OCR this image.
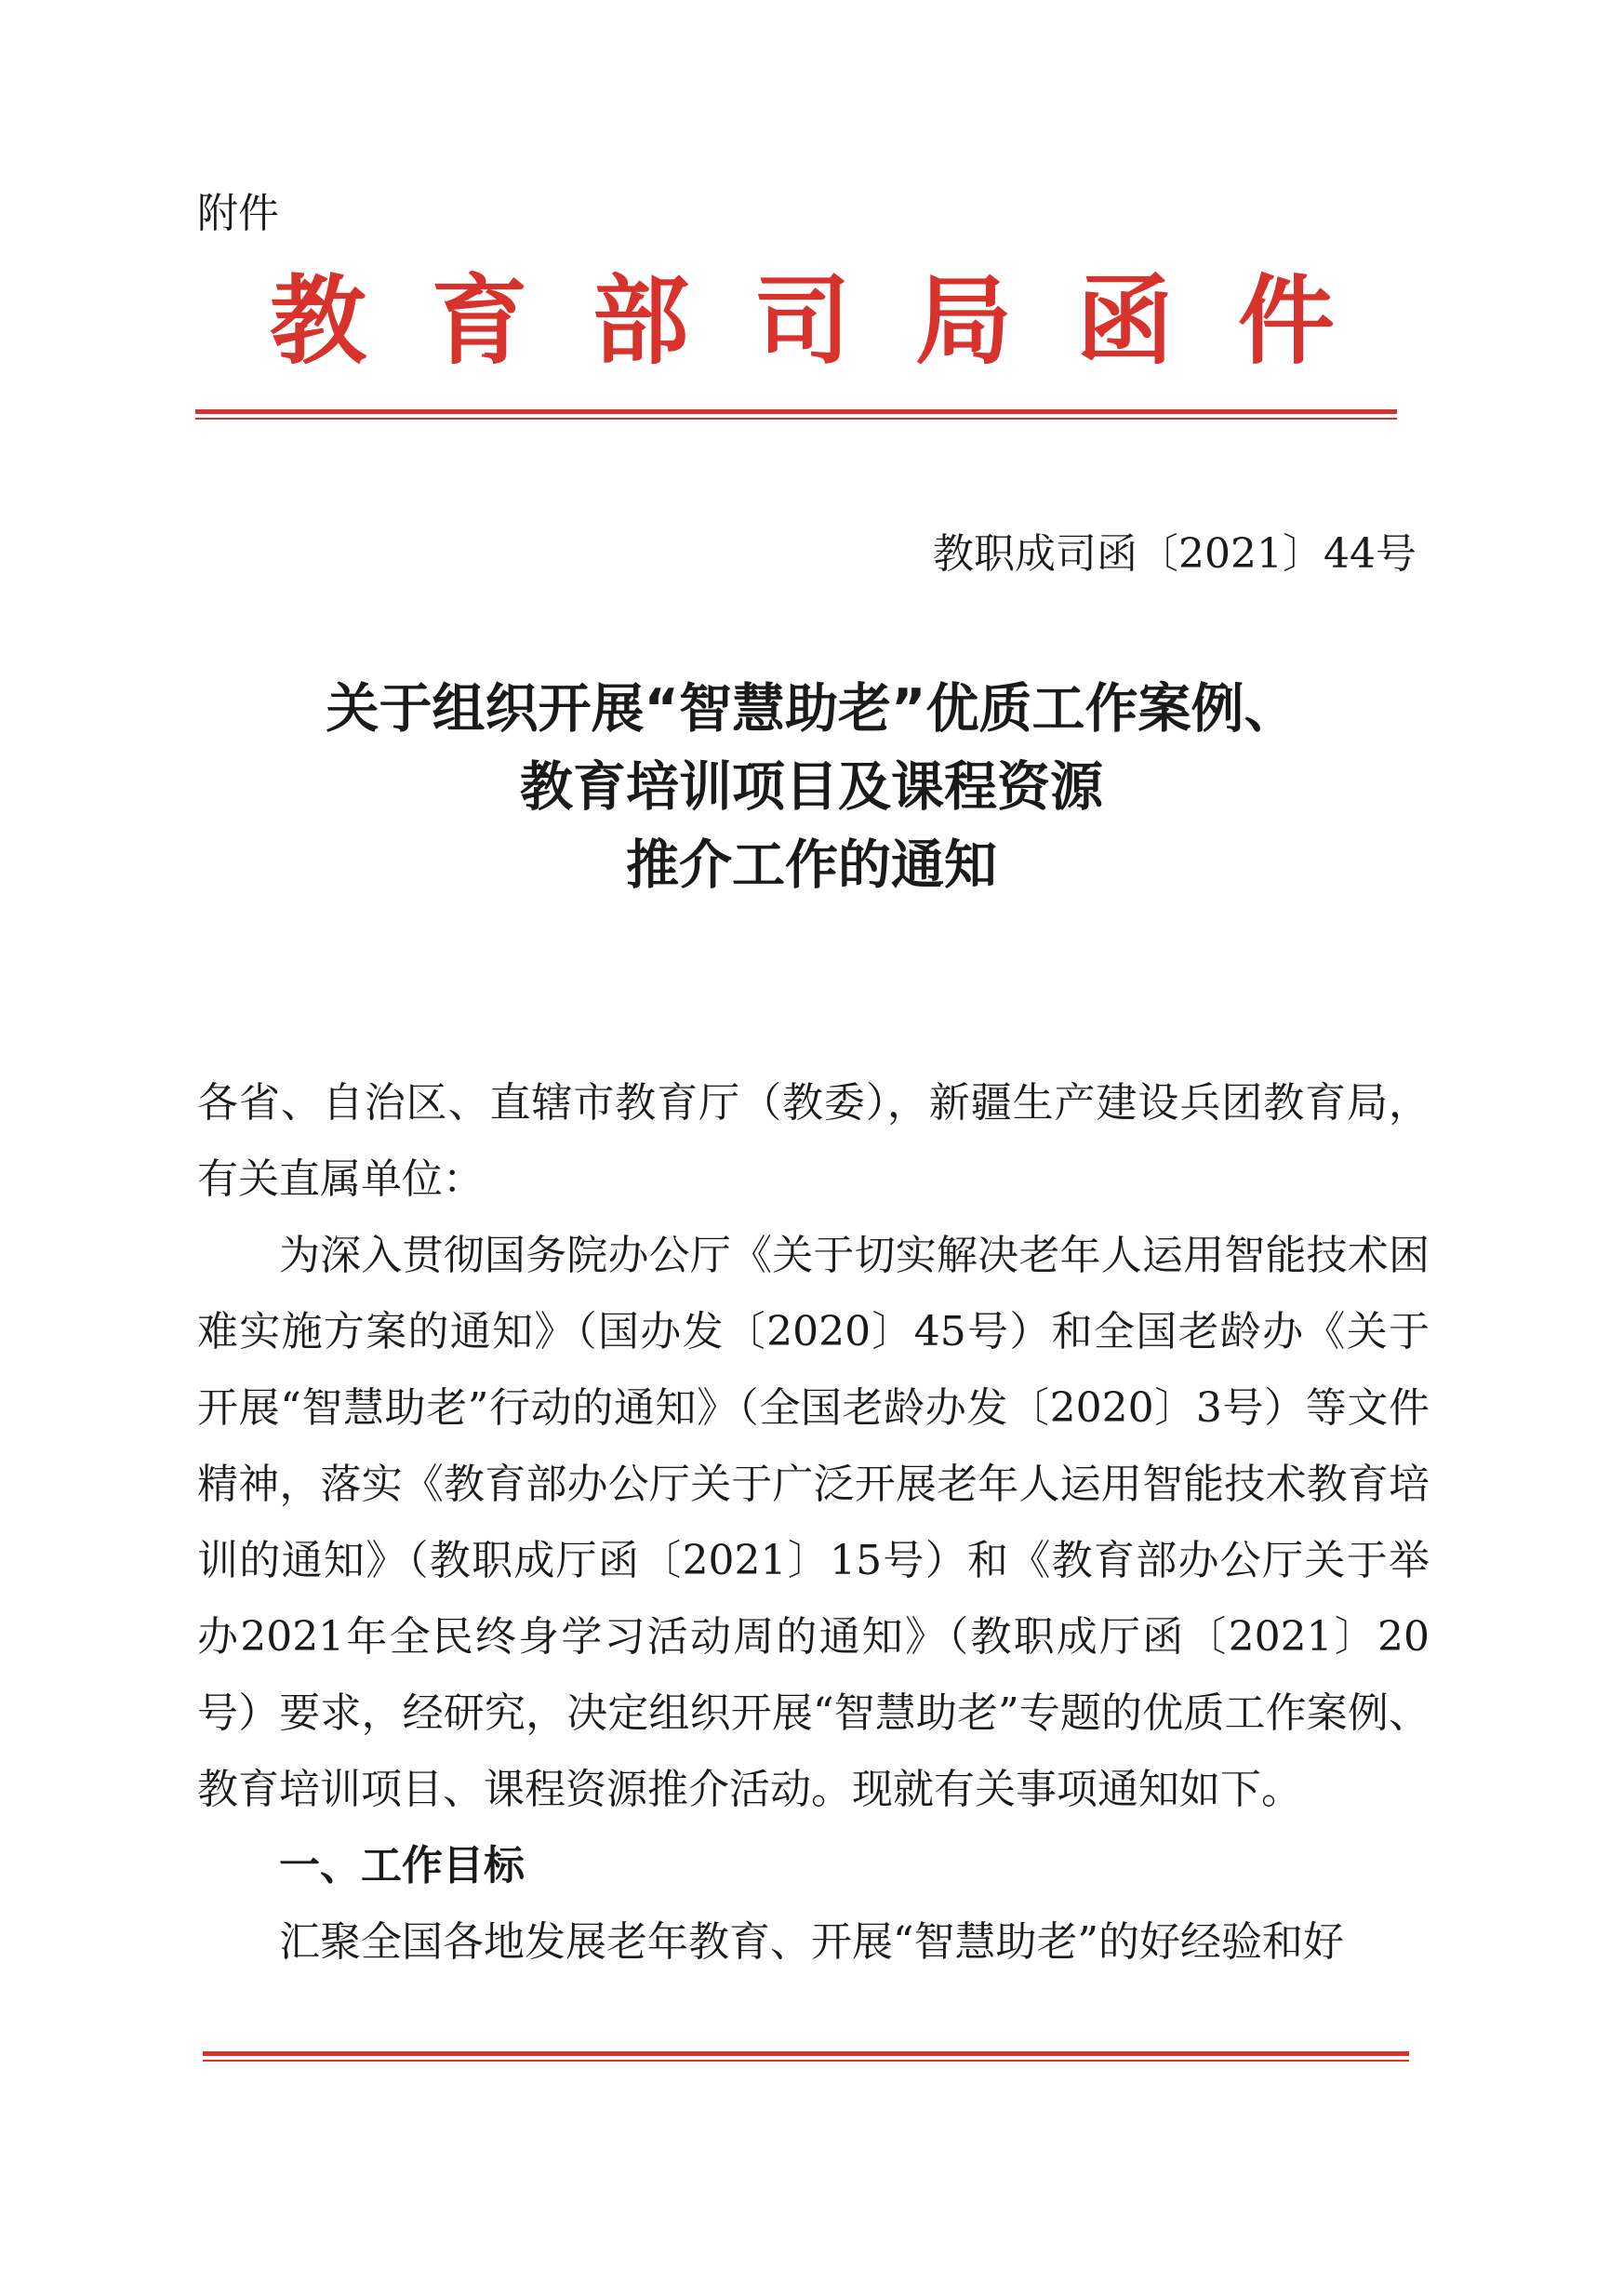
附件
教 育 部 司 局 函 件
教职成司函〔2021〕44号
关于组织开展“智慧助老”优质工作案例、
教育培训项目及课程资源
推介工作的通知

各省、自治区、直辖市教育厅（教委），新疆生产建设兵团教育局，有关直属单位：

为深入贯彻国务院办公厅《关于切实解决老年人运用智能技术困难实施方案的通知》（国办发〔2020〕45号）和全国老龄办《关于开展“智慧助老”行动的通知》（全国老龄办发〔2020〕3号）等文件精神，落实《教育部办公厅关于广泛开展老年人运用智能技术教育培训的通知》（教职成厅函〔2021〕15号）和《教育部办公厅关于举办2021年全民终身学习活动周的通知》（教职成厅函〔2021〕20号）要求，经研究，决定组织开展“智慧助老”专题的优质工作案例、教育培训项目、课程资源推介活动。现就有关事项通知如下。

一、工作目标

汇聚全国各地发展老年教育、开展“智慧助老”的好经验和好
